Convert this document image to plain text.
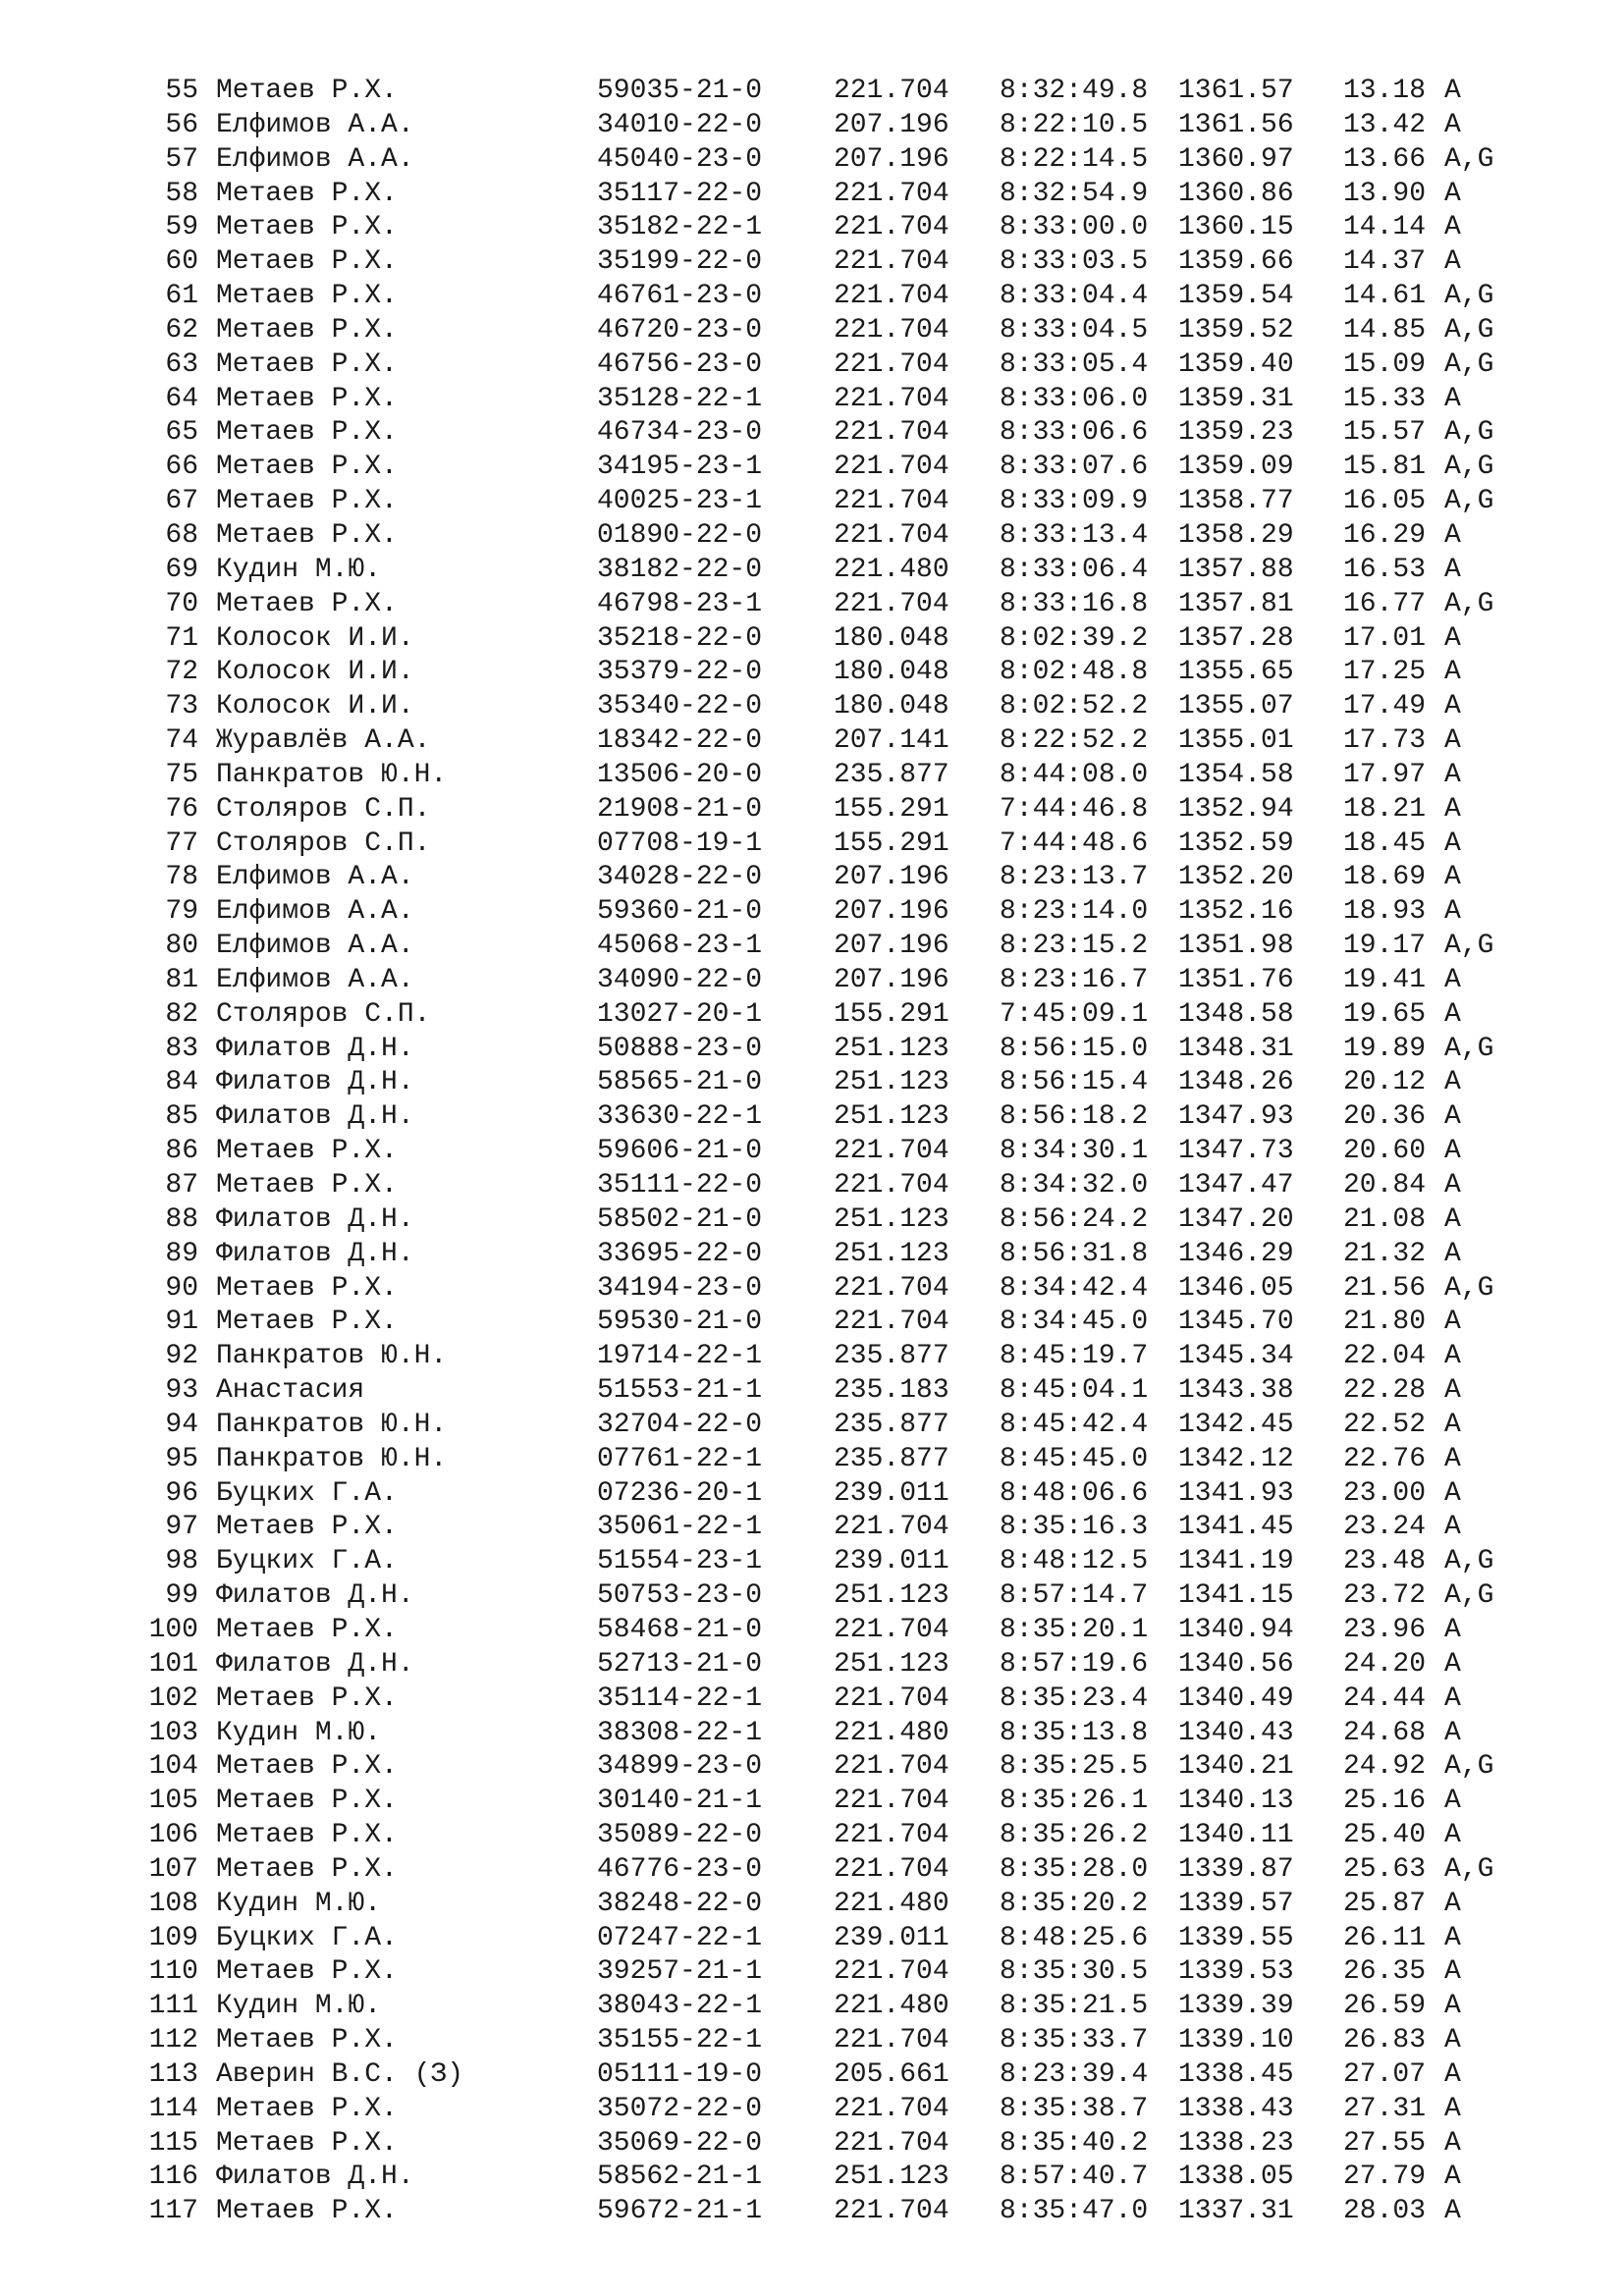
55 Метаев Р.Х.	59035-21-0	221.704 8:32:49.8 1361.57 13.18 A
56 Елфимов А.А.	34010-22-0	207.196 8:22:10.5 1361.56 13.42 A
57 Елфимов А.А.	45040-23-0	207.196 8:22:14.5 1360.97 13.66 A,G
58 Метаев Р.Х.	35117-22-0	221.704 8:32:54.9 1360.86 13.90 A
59 Метаев Р.Х.	35182-22-1	221.704 8:33:00.0 1360.15 14.14 A
60 Метаев Р.Х.	35199-22-0	221.704 8:33:03.5 1359.66 14.37 A
61 Метаев Р.Х.	46761-23-0	221.704 8:33:04.4 1359.54 14.61 A,G
62 Метаев Р.Х.	46720-23-0	221.704 8:33:04.5 1359.52 14.85 A,G
63 Метаев Р.Х.	46756-23-0	221.704 8:33:05.4 1359.40 15.09 A,G
64 Метаев Р.Х.	35128-22-1	221.704 8:33:06.0 1359.31 15.33 A
65 Метаев Р.Х.	46734-23-0	221.704 8:33:06.6 1359.23 15.57 A,G
66 Метаев Р.Х.	34195-23-1	221.704 8:33:07.6 1359.09 15.81 A,G
67 Метаев Р.Х.	40025-23-1	221.704 8:33:09.9 1358.77 16.05 A,G
68 Метаев Р.Х.	01890-22-0	221.704 8:33:13.4 1358.29 16.29 A
69 Кудин М.Ю.	38182-22-0	221.480 8:33:06.4 1357.88 16.53 A
70 Метаев Р.Х.	46798-23-1	221.704 8:33:16.8 1357.81 16.77 A,G
71 Колосок И.И.	35218-22-0	180.048 8:02:39.2 1357.28 17.01 A
72 Колосок И.И.	35379-22-0	180.048 8:02:48.8 1355.65 17.25 A
73 Колосок И.И.	35340-22-0	180.048 8:02:52.2 1355.07 17.49 A
74 Журавлёв А.А.	18342-22-0	207.141 8:22:52.2 1355.01 17.73 A
75 Панкратов Ю.Н.	13506-20-0	235.877 8:44:08.0 1354.58 17.97 A
76 Столяров С.П.	21908-21-0	155.291 7:44:46.8 1352.94 18.21 A
77 Столяров С.П.	07708-19-1	155.291 7:44:48.6 1352.59 18.45 A
78 Елфимов А.А.	34028-22-0	207.196 8:23:13.7 1352.20 18.69 A
79 Елфимов А.А.	59360-21-0	207.196 8:23:14.0 1352.16 18.93 A
80 Елфимов А.А.	45068-23-1	207.196 8:23:15.2 1351.98 19.17 A,G
81 Елфимов А.А.	34090-22-0	207.196 8:23:16.7 1351.76 19.41 A
82 Столяров С.П.	13027-20-1	155.291 7:45:09.1 1348.58 19.65 A
83 Филатов Д.Н.	50888-23-0	251.123 8:56:15.0 1348.31 19.89 A,G
84 Филатов Д.Н.	58565-21-0	251.123 8:56:15.4 1348.26 20.12 A
85 Филатов Д.Н.	33630-22-1	251.123 8:56:18.2 1347.93 20.36 A
86 Метаев Р.Х.	59606-21-0	221.704 8:34:30.1 1347.73 20.60 A
87 Метаев Р.Х.	35111-22-0	221.704 8:34:32.0 1347.47 20.84 A
88 Филатов Д.Н.	58502-21-0	251.123 8:56:24.2 1347.20 21.08 A
89 Филатов Д.Н.	33695-22-0	251.123 8:56:31.8 1346.29 21.32 A
90 Метаев Р.Х.	34194-23-0	221.704 8:34:42.4 1346.05 21.56 A,G
91 Метаев Р.Х.	59530-21-0	221.704 8:34:45.0 1345.70 21.80 A
92 Панкратов Ю.Н.	19714-22-1	235.877 8:45:19.7 1345.34 22.04 A
93 Анастасия	51553-21-1	235.183 8:45:04.1 1343.38 22.28 A
94 Панкратов Ю.Н.	32704-22-0	235.877 8:45:42.4 1342.45 22.52 A
95 Панкратов Ю.Н.	07761-22-1	235.877 8:45:45.0 1342.12 22.76 A
96 Буцких Г.А.	07236-20-1	239.011 8:48:06.6 1341.93 23.00 A
97 Метаев Р.Х.	35061-22-1	221.704 8:35:16.3 1341.45 23.24 A
98 Буцких Г.А.	51554-23-1	239.011 8:48:12.5 1341.19 23.48 A,G
99 Филатов Д.Н.	50753-23-0	251.123 8:57:14.7 1341.15 23.72 A,G
100 Метаев Р.Х.	58468-21-0	221.704 8:35:20.1 1340.94 23.96 A
101 Филатов Д.Н.	52713-21-0	251.123 8:57:19.6 1340.56 24.20 A
102 Метаев Р.Х.	35114-22-1	221.704 8:35:23.4 1340.49 24.44 A
103 Кудин М.Ю.	38308-22-1	221.480 8:35:13.8 1340.43 24.68 A
104 Метаев Р.Х.	34899-23-0	221.704 8:35:25.5 1340.21 24.92 A,G
105 Метаев Р.Х.	30140-21-1	221.704 8:35:26.1 1340.13 25.16 A
106 Метаев Р.Х.	35089-22-0	221.704 8:35:26.2 1340.11 25.40 A
107 Метаев Р.Х.	46776-23-0	221.704 8:35:28.0 1339.87 25.63 A,G
108 Кудин М.Ю.	38248-22-0	221.480 8:35:20.2 1339.57 25.87 A
109 Буцких Г.А.	07247-22-1	239.011 8:48:25.6 1339.55 26.11 A
110 Метаев Р.Х.	39257-21-1	221.704 8:35:30.5 1339.53 26.35 A
111 Кудин М.Ю.	38043-22-1	221.480 8:35:21.5 1339.39 26.59 A
112 Метаев Р.Х.	35155-22-1	221.704 8:35:33.7 1339.10 26.83 A
113 Аверин В.С. (З)	05111-19-0	205.661 8:23:39.4 1338.45 27.07 A
114 Метаев Р.Х.	35072-22-0	221.704 8:35:38.7 1338.43 27.31 A
115 Метаев Р.Х.	35069-22-0	221.704 8:35:40.2 1338.23 27.55 A
116 Филатов Д.Н.	58562-21-1	251.123 8:57:40.7 1338.05 27.79 A
117 Метаев Р.Х.	59672-21-1	221.704 8:35:47.0 1337.31 28.03 A
